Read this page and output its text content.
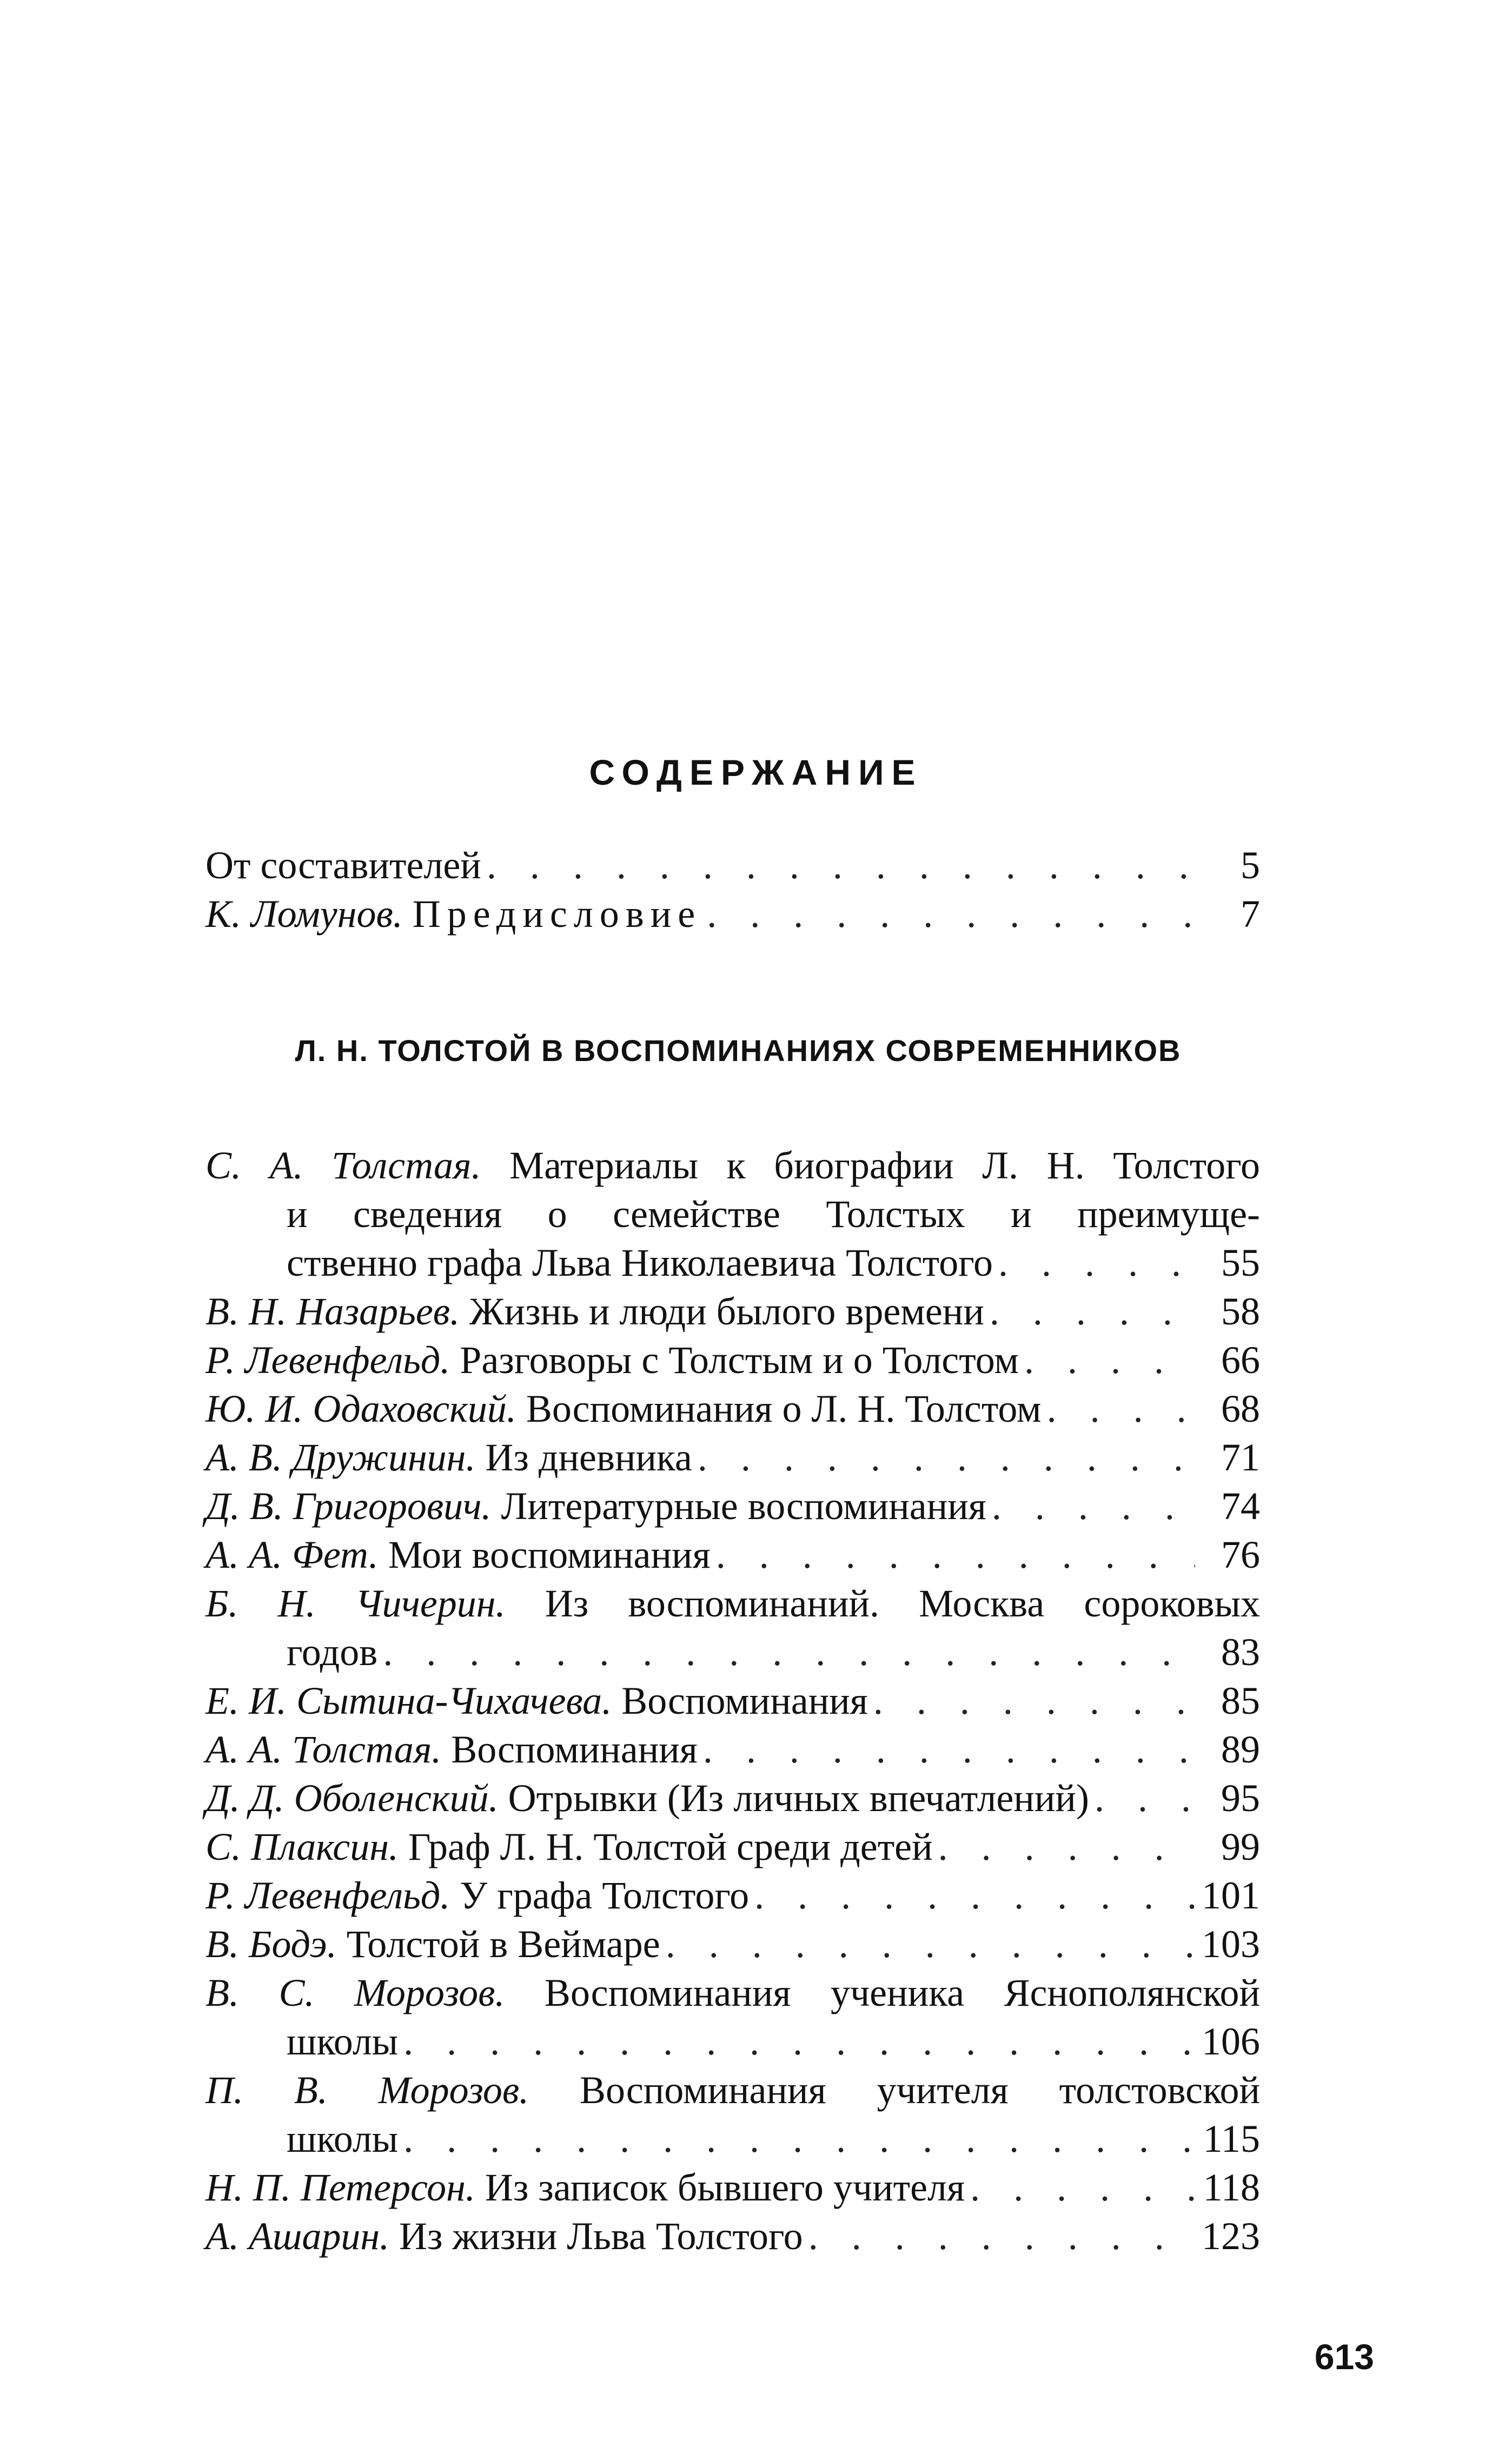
СОДЕРЖАНИЕ
От составителей . . .	5
К. Ломунов. Предисловие . . .	7
Л. Н. ТОЛСТОЙ В ВОСПОМИНАНИЯХ СОВРЕМЕННИКОВ
С. А. Толстая. Материалы к биографии Л. Н. Толстого
и сведения о семействе Толстых и преимуще-
ственно графа Льва Николаевича Толстого . . .	55
В. Н. Назарьев. Жизнь и люди былого времени . . .	58
Р. Левенфельд. Разговоры с Толстым и о Толстом . . .	66
Ю. И. Одаховский. Воспоминания о Л. Н. Толстом . . .	68
А. В. Дружинин. Из дневника . . .	71
Д. В. Григорович. Литературные воспоминания . . .	74
А. А. Фет. Мои воспоминания . . .	76
Б. Н. Чичерин. Из воспоминаний. Москва сороковых
годов . . .	83
Е. И. Сытина-Чихачева. Воспоминания . . .	85
А. А. Толстая. Воспоминания . . .	89
Д. Д. Оболенский. Отрывки (Из личных впечатлений) . . .	95
С. Плаксин. Граф Л. Н. Толстой среди детей . . .	99
Р. Левенфельд. У графа Толстого . . .	101
В. Бодэ. Толстой в Веймаре . . .	103
В. С. Морозов. Воспоминания ученика Яснополянской
школы . . .	106
П. В. Морозов. Воспоминания учителя толстовской
школы . . .	115
Н. П. Петерсон. Из записок бывшего учителя . . .	118
А. Ашарин. Из жизни Льва Толстого . . .	123
613
